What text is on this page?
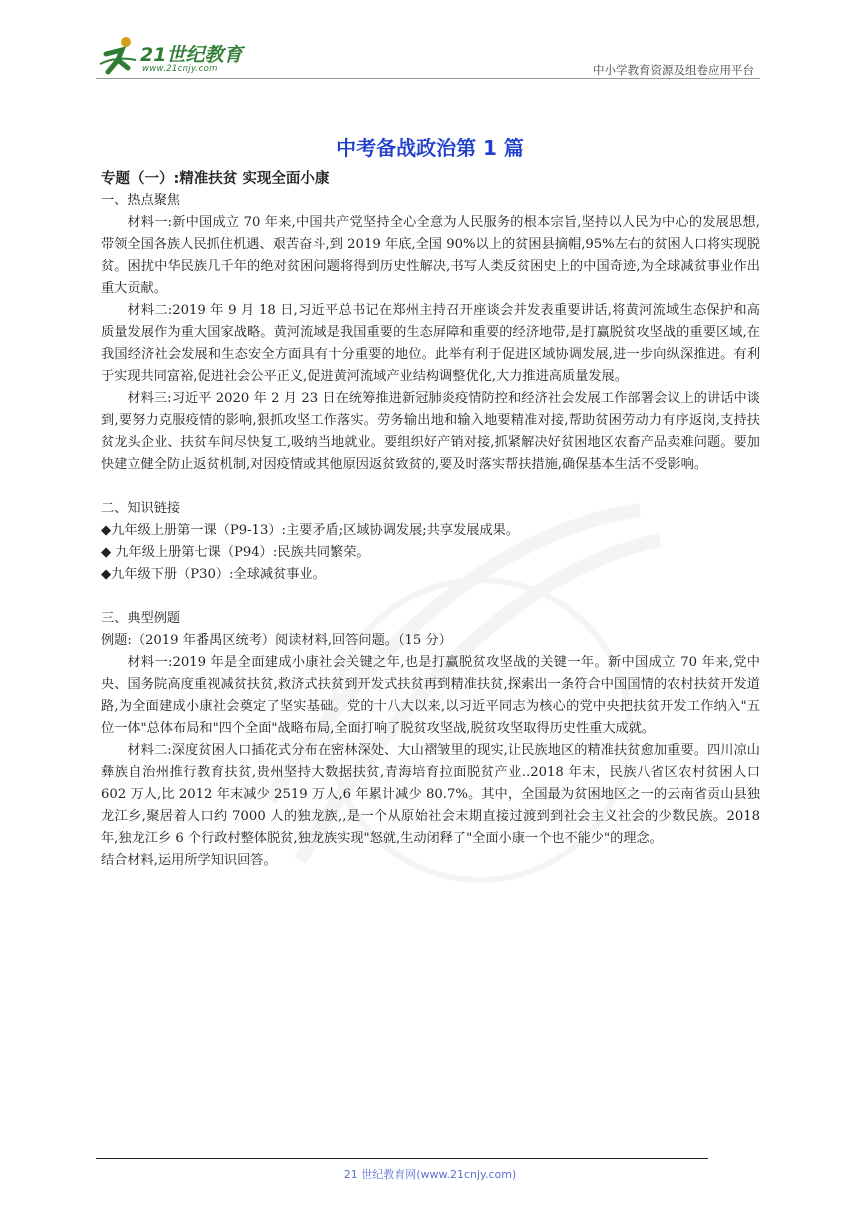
21世纪教育
www.21cnjy.com	中小学教育资源及组卷应用平台
中考备战政治第 1 篇

专题（一）:精准扶贫 实现全面小康

一、热点聚焦

材料一:新中国成立 70 年来,中国共产党坚持全心全意为人民服务的根本宗旨,坚持以人民为中心的发展思想,带领全国各族人民抓住机遇、艰苦奋斗,到 2019 年底,全国 90%以上的贫困县摘帽,95%左右的贫困人口将实现脱贫。困扰中华民族几千年的绝对贫困问题将得到历史性解决,书写人类反贫困史上的中国奇迹,为全球减贫事业作出重大贡献。

材料二:2019 年 9 月 18 日,习近平总书记在郑州主持召开座谈会并发表重要讲话,将黄河流域生态保护和高质量发展作为重大国家战略。黄河流域是我国重要的生态屏障和重要的经济地带,是打赢脱贫攻坚战的重要区域,在我国经济社会发展和生态安全方面具有十分重要的地位。此举有利于促进区域协调发展,进一步向纵深推进。有利于实现共同富裕,促进社会公平正义,促进黄河流域产业结构调整优化,大力推进高质量发展。

材料三:习近平 2020 年 2 月 23 日在统筹推进新冠肺炎疫情防控和经济社会发展工作部署会议上的讲话中谈到,要努力克服疫情的影响,狠抓攻坚工作落实。劳务输出地和输入地要精准对接,帮助贫困劳动力有序返岗,支持扶贫龙头企业、扶贫车间尽快复工,吸纳当地就业。要组织好产销对接,抓紧解决好贫困地区农畜产品卖难问题。要加快建立健全防止返贫机制,对因疫情或其他原因返贫致贫的,要及时落实帮扶措施,确保基本生活不受影响。

二、知识链接

◆九年级上册第一课（P9-13）:主要矛盾;区域协调发展;共享发展成果。

◆ 九年级上册第七课（P94）:民族共同繁荣。

◆九年级下册（P30）:全球减贫事业。

三、典型例题

例题:（2019 年番禺区统考）阅读材料,回答问题。（15 分）

材料一:2019 年是全面建成小康社会关键之年,也是打赢脱贫攻坚战的关键一年。新中国成立 70 年来,党中央、国务院高度重视减贫扶贫,救济式扶贫到开发式扶贫再到精准扶贫,探索出一条符合中国国情的农村扶贫开发道路,为全面建成小康社会奠定了坚实基础。党的十八大以来,以习近平同志为核心的党中央把扶贫开发工作纳入"五位一体"总体布局和"四个全面"战略布局,全面打响了脱贫攻坚战,脱贫攻坚取得历史性重大成就。

材料二:深度贫困人口插花式分布在密林深处、大山褶皱里的现实,让民族地区的精准扶贫愈加重要。四川凉山彝族自治州推行教育扶贫,贵州坚持大数据扶贫,青海培育拉面脱贫产业..2018 年末，民族八省区农村贫困人口 602 万人,比 2012 年末减少 2519 万人,6 年累计减少 80.7%。其中，全国最为贫困地区之一的云南省贡山县独龙江乡,聚居着人口约 7000 人的独龙族,,是一个从原始社会末期直接过渡到到社会主义社会的少数民族。2018 年,独龙江乡 6 个行政村整体脱贫,独龙族实现"怒就,生动闭释了"全面小康一个也不能少"的理念。

结合材料,运用所学知识回答。

21 世纪教育网(www.21cnjy.com)
